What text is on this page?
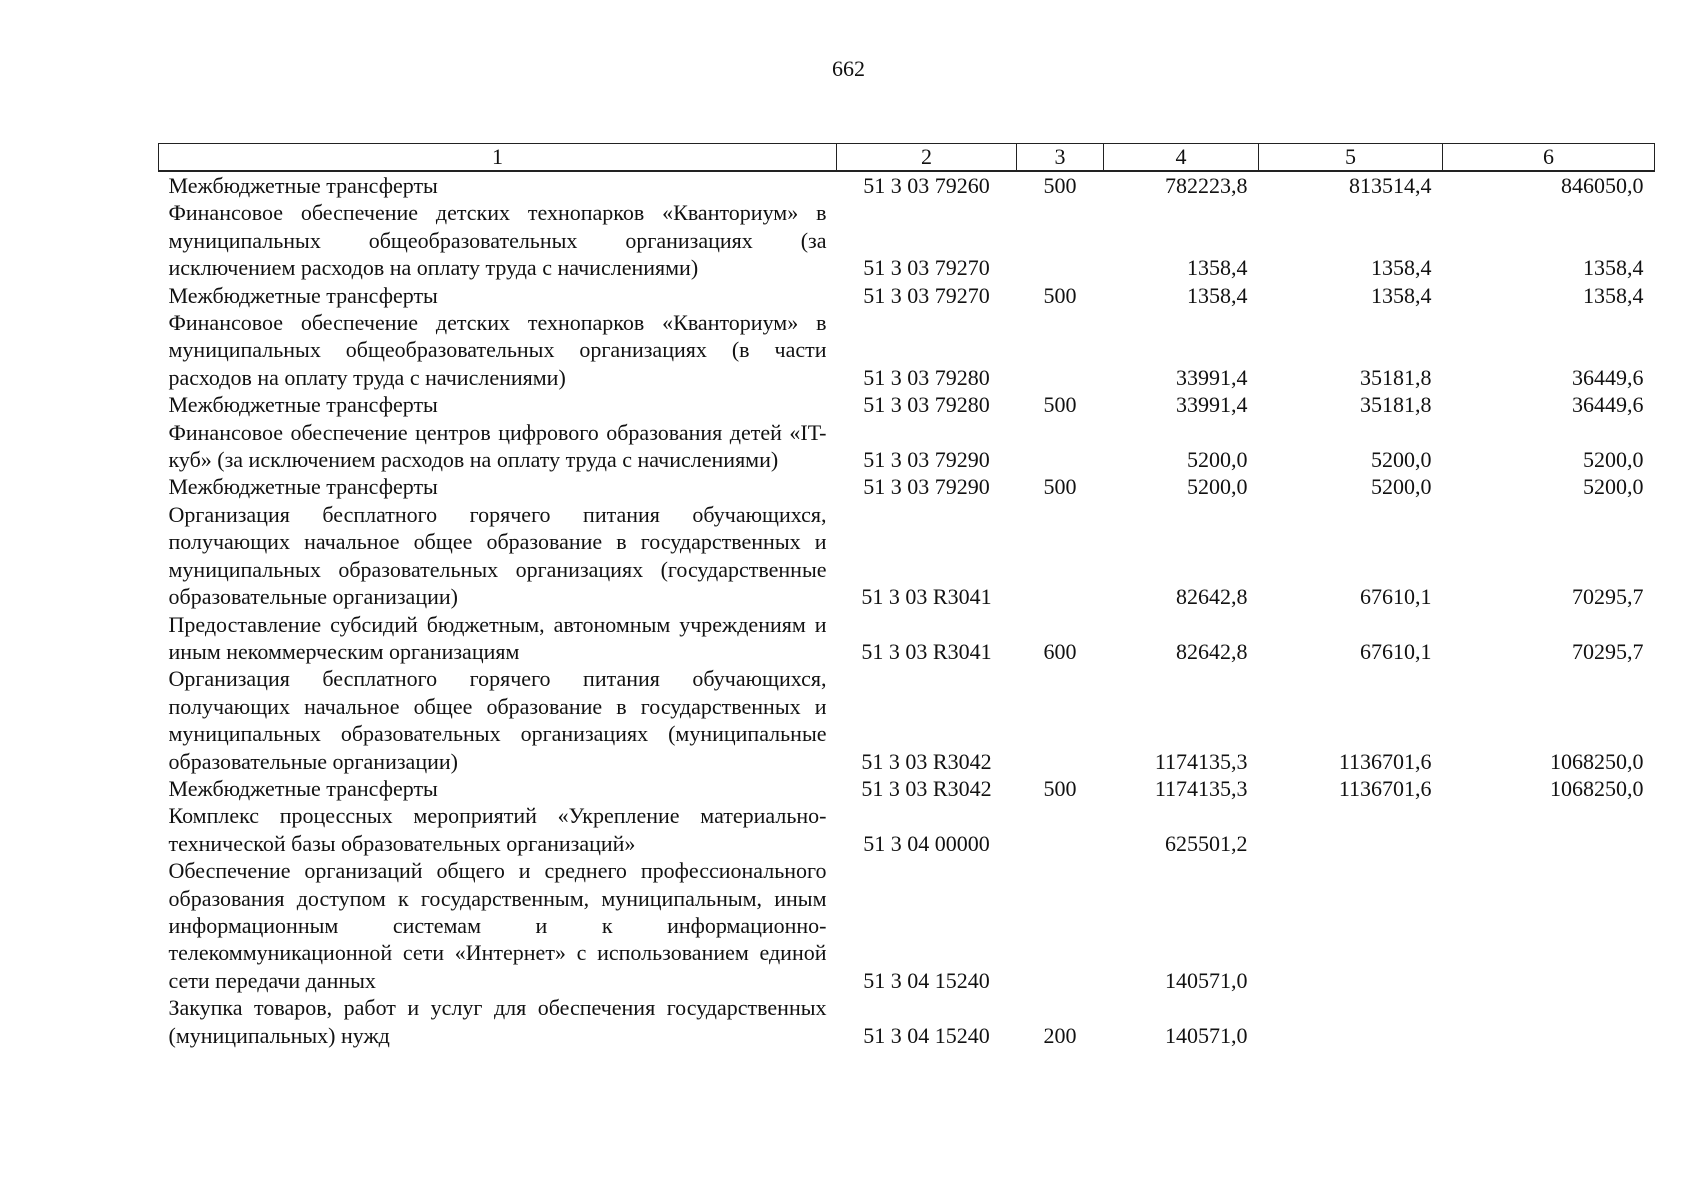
662
1	2	3	4	5	6
Межбюджетные трансферты	51 3 03 79260	500	782223,8	813514,4	846050,0
Финансовое обеспечение детских технопарков «Кванториум» в муниципальных общеобразовательных организациях (за исключением расходов на оплату труда с начислениями)	51 3 03 79270		1358,4	1358,4	1358,4
Межбюджетные трансферты	51 3 03 79270	500	1358,4	1358,4	1358,4
Финансовое обеспечение детских технопарков «Кванториум» в муниципальных общеобразовательных организациях (в части расходов на оплату труда с начислениями)	51 3 03 79280		33991,4	35181,8	36449,6
Межбюджетные трансферты	51 3 03 79280	500	33991,4	35181,8	36449,6
Финансовое обеспечение центров цифрового образования детей «IT-куб» (за исключением расходов на оплату труда с начислениями)	51 3 03 79290		5200,0	5200,0	5200,0
Межбюджетные трансферты	51 3 03 79290	500	5200,0	5200,0	5200,0
Организация бесплатного горячего питания обучающихся, получающих начальное общее образование в государственных и муниципальных образовательных организациях (государственные образовательные организации)	51 3 03 R3041		82642,8	67610,1	70295,7
Предоставление субсидий бюджетным, автономным учреждениям и иным некоммерческим организациям	51 3 03 R3041	600	82642,8	67610,1	70295,7
Организация бесплатного горячего питания обучающихся, получающих начальное общее образование в государственных и муниципальных образовательных организациях (муниципальные образовательные организации)	51 3 03 R3042		1174135,3	1136701,6	1068250,0
Межбюджетные трансферты	51 3 03 R3042	500	1174135,3	1136701,6	1068250,0
Комплекс процессных мероприятий «Укрепление материально-технической базы образовательных организаций»	51 3 04 00000		625501,2		
Обеспечение организаций общего и среднего профессионального образования доступом к государственным, муниципальным, иным информационным системам и к информационно-телекоммуникационной сети «Интернет» с использованием единой сети передачи данных	51 3 04 15240		140571,0		
Закупка товаров, работ и услуг для обеспечения государственных (муниципальных) нужд	51 3 04 15240	200	140571,0		
